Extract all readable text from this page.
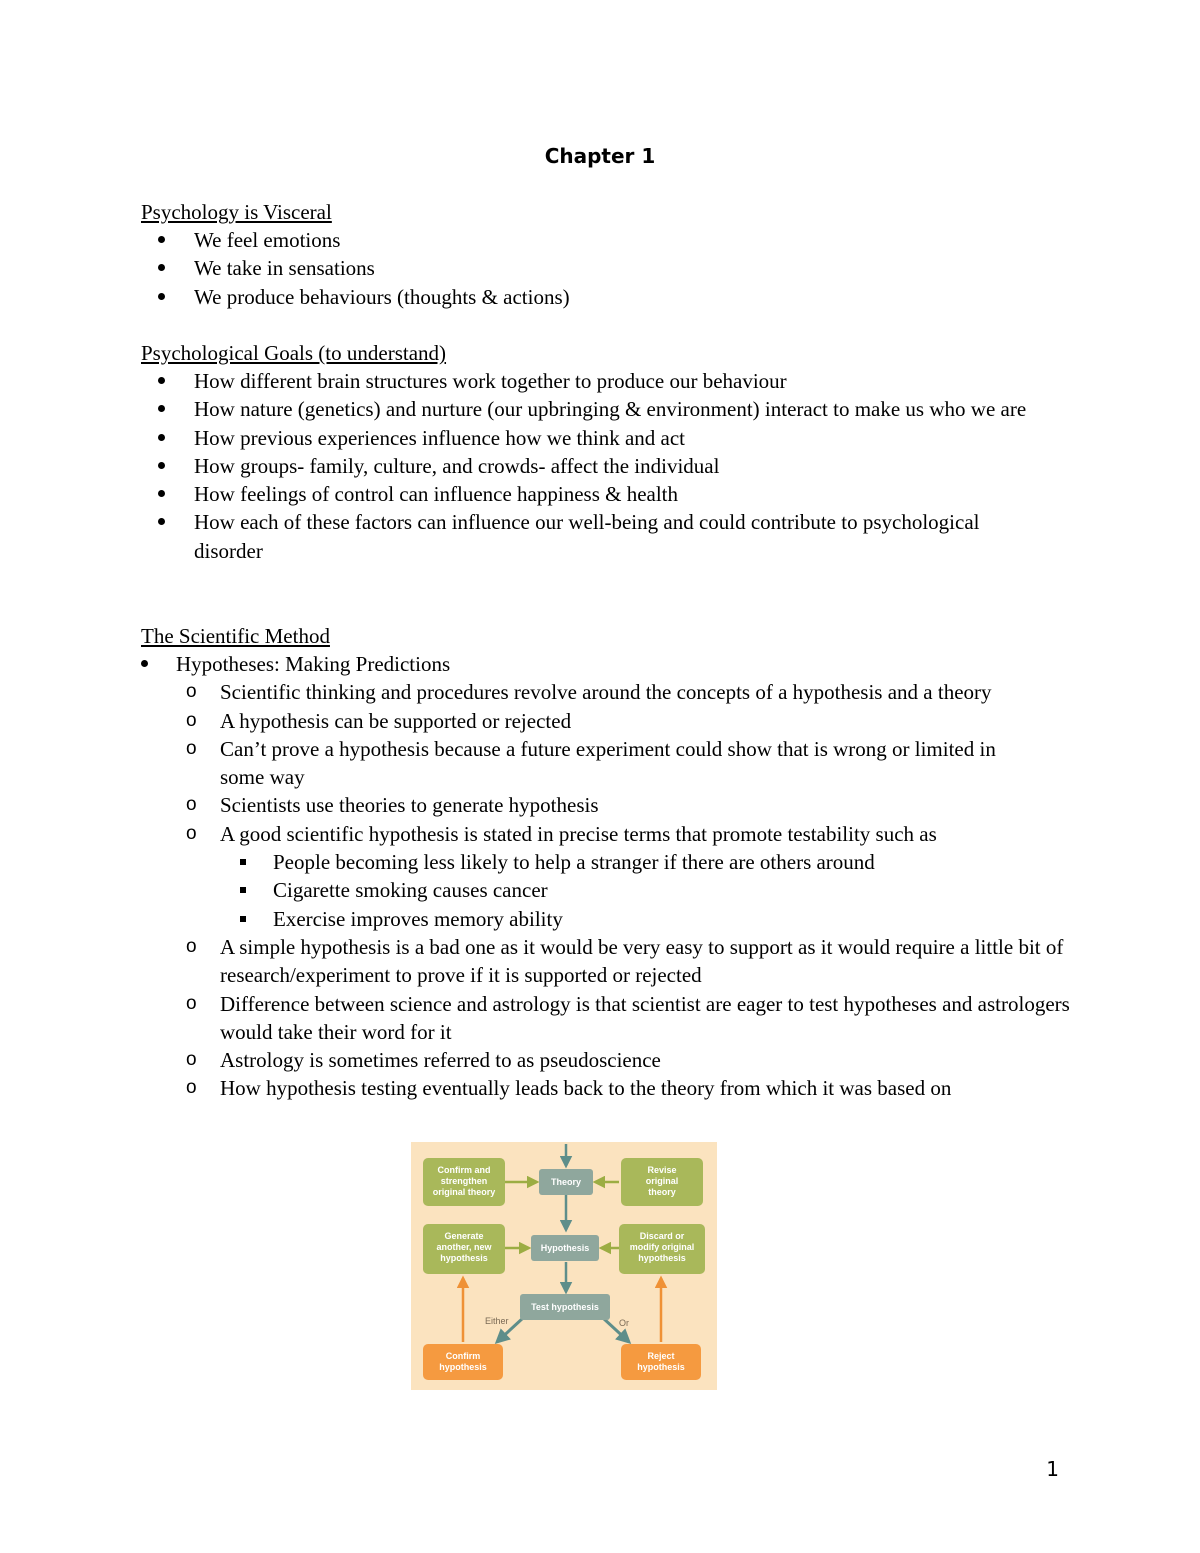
Chapter 1
Psychology is Visceral
We feel emotions
We take in sensations
We produce behaviours (thoughts & actions)
Psychological Goals (to understand)
How different brain structures work together to produce our behaviour
How nature (genetics) and nurture (our upbringing & environment) interact to make us who we are
How previous experiences influence how we think and act
How groups- family, culture, and crowds- affect the individual
How feelings of control can influence happiness & health
How each of these factors can influence our well-being and could contribute to psychological disorder
The Scientific Method
Hypotheses: Making Predictions
o Scientific thinking and procedures revolve around the concepts of a hypothesis and a theory
o A hypothesis can be supported or rejected
o Can’t prove a hypothesis because a future experiment could show that is wrong or limited in some way
o Scientists use theories to generate hypothesis
o A good scientific hypothesis is stated in precise terms that promote testability such as
People becoming less likely to help a stranger if there are others around
Cigarette smoking causes cancer
Exercise improves memory ability
o A simple hypothesis is a bad one as it would be very easy to support as it would require a little bit of research/experiment to prove if it is supported or rejected
o Difference between science and astrology is that scientist are eager to test hypotheses and astrologers would take their word for it
o Astrology is sometimes referred to as pseudoscience
o How hypothesis testing eventually leads back to the theory from which it was based on
Confirm and
strengthen
original theory
Theory
Revise
original
theory
Generate
another, new
hypothesis
Hypothesis
Discard or
modify original
hypothesis
Test hypothesis
Confirm
hypothesis
Reject
hypothesis
Either	Or
1
